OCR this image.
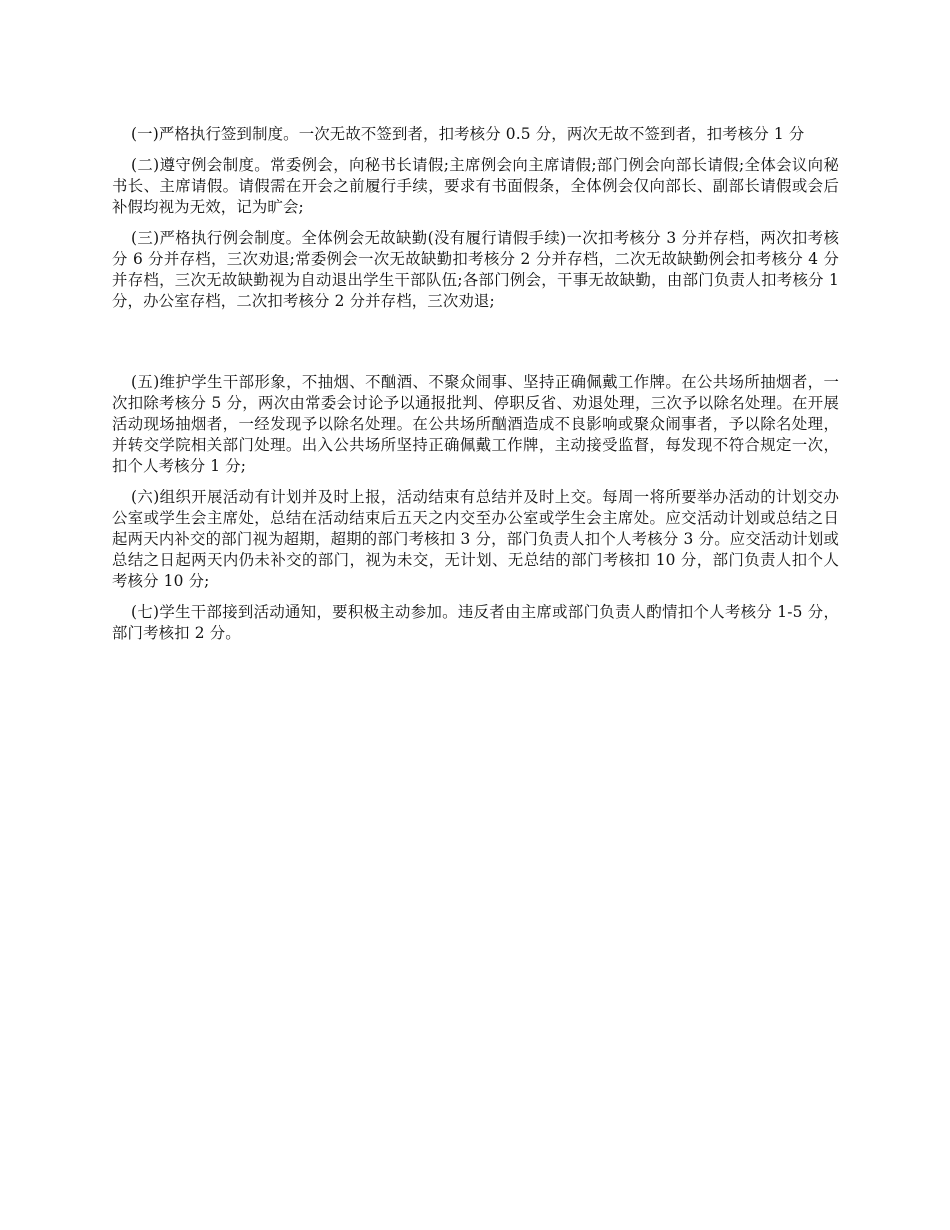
(一)严格执行签到制度。一次无故不签到者，扣考核分 0.5 分，两次无故不签到者，扣考核分 1 分

(二)遵守例会制度。常委例会，向秘书长请假;主席例会向主席请假;部门例会向部长请假;全体会议向秘书长、主席请假。请假需在开会之前履行手续，要求有书面假条，全体例会仅向部长、副部长请假或会后补假均视为无效，记为旷会;

(三)严格执行例会制度。全体例会无故缺勤(没有履行请假手续)一次扣考核分 3 分并存档，两次扣考核分 6 分并存档，三次劝退;常委例会一次无故缺勤扣考核分 2 分并存档，二次无故缺勤例会扣考核分 4 分并存档，三次无故缺勤视为自动退出学生干部队伍;各部门例会，干事无故缺勤，由部门负责人扣考核分 1 分，办公室存档，二次扣考核分 2 分并存档，三次劝退;

(五)维护学生干部形象，不抽烟、不酗酒、不聚众闹事、坚持正确佩戴工作牌。在公共场所抽烟者，一次扣除考核分 5 分，两次由常委会讨论予以通报批判、停职反省、劝退处理，三次予以除名处理。在开展活动现场抽烟者，一经发现予以除名处理。在公共场所酗酒造成不良影响或聚众闹事者，予以除名处理，并转交学院相关部门处理。出入公共场所坚持正确佩戴工作牌，主动接受监督，每发现不符合规定一次，扣个人考核分 1 分;

(六)组织开展活动有计划并及时上报，活动结束有总结并及时上交。每周一将所要举办活动的计划交办公室或学生会主席处，总结在活动结束后五天之内交至办公室或学生会主席处。应交活动计划或总结之日起两天内补交的部门视为超期，超期的部门考核扣 3 分，部门负责人扣个人考核分 3 分。应交活动计划或总结之日起两天内仍未补交的部门，视为未交，无计划、无总结的部门考核扣 10 分，部门负责人扣个人考核分 10 分;

(七)学生干部接到活动通知，要积极主动参加。违反者由主席或部门负责人酌情扣个人考核分 1-5 分，部门考核扣 2 分。
